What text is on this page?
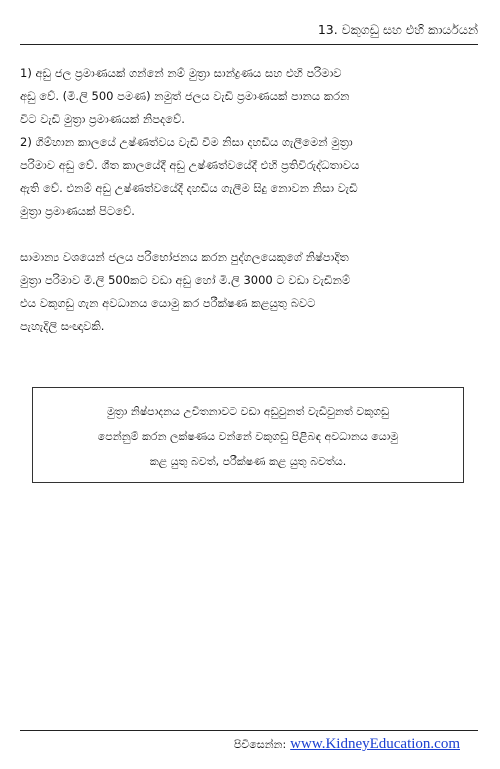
13. වකුගඩු සහ එහි කාර්යයන්
1) අඩු ජල ප්‍රමාණයක් ගන්නේ නම් මුත්‍රා සාන්ද්‍රණය සහ එහි පරිමාව
අඩු වේ. (මි.ලි 500 පමණ) නමුත් ජලය වැඩි ප්‍රමාණයක් පානය කරන
විට වැඩි මුත්‍රා ප්‍රමාණයක් නිපදවේ.
2) ගිම්හාන කාලයේ උෂ්ණත්වය වැඩි වීම නිසා දහඩිය ගැලීමෙන් මුත්‍රා
පරිමාව අඩු වේ. ශීත කාලයේදී අඩු උෂ්ණත්වයේදී එහි ප්‍රතිවිරුද්ධතාවය
ඇති වේ. එනම් අඩු උෂ්ණත්වයේදී දහඩිය ගැලීම සිදු නොවන නිසා වැඩි
මුත්‍රා ප්‍රමාණයක් පිටවේ.
සාමාන්‍ය වශයෙන් ජලය පරිභෝජනය කරන පුද්ගලයෙකුගේ නිෂ්පාදිත
මුත්‍රා පරිමාව මි.ලි 500කට වඩා අඩු හෝ මි.ලි 3000 ට වඩා වැඩිනම්
එය වකුගඩු ගැන අවධානය යොමු කර පරීක්ෂණ කළයුතු බවට
පැහැදිලි සංඥාවකි.
මුත්‍රා නිෂ්පාදනය උචිතනාවට වඩා අඩුවුනත් වැඩිවුනත් වකුගඩු
පෙන්නුම් කරන ලක්ෂණය වන්නේ වකුගඩු පිළිබඳ අවධානය යොමු
කළ යුතු බවත්, පරීක්ෂණ කළ යුතු බවත්ය.
පිවිසෙන්න: www.KidneyEducation.com
